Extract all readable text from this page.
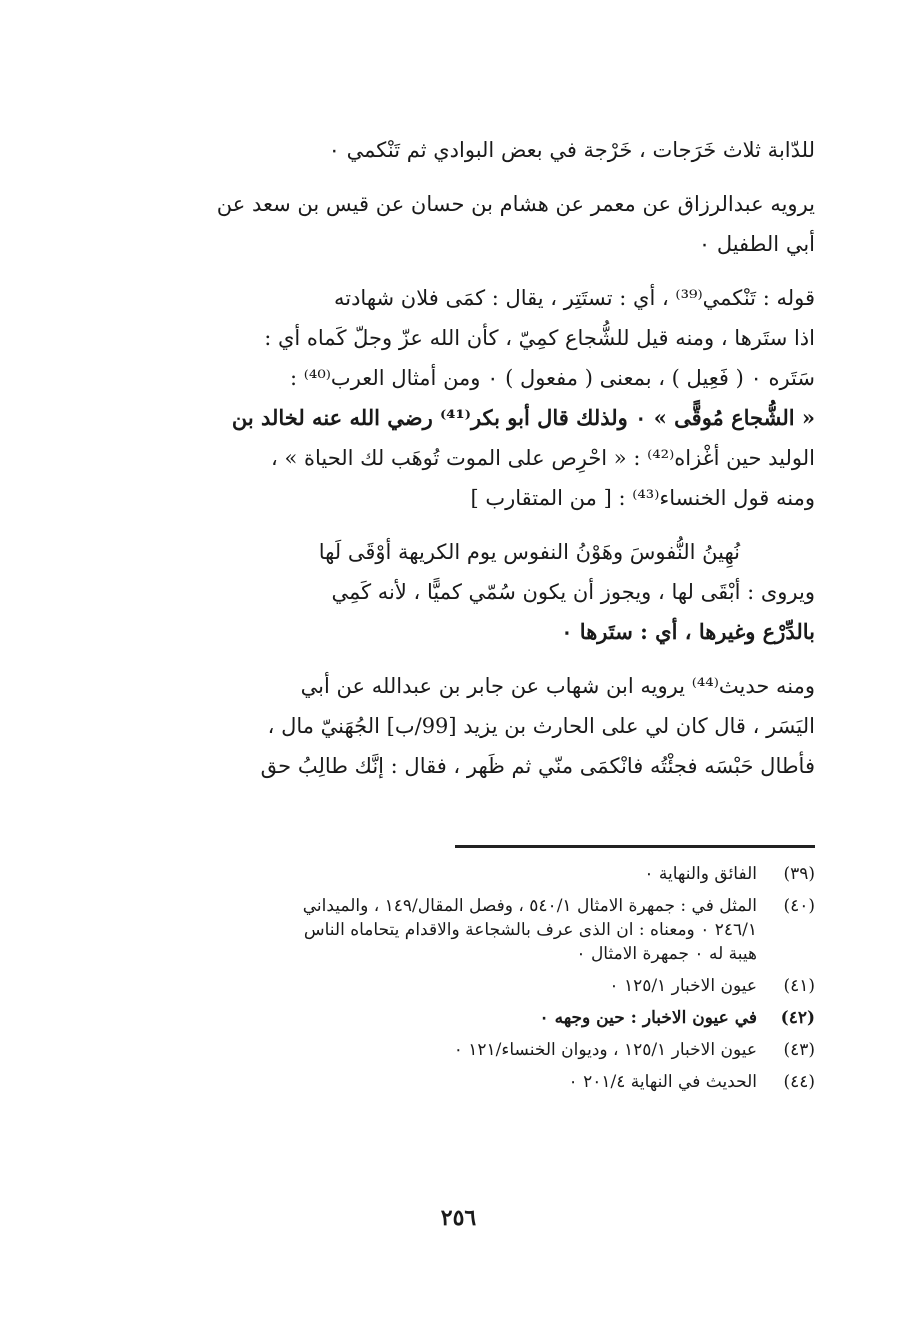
للدّابة ثلاث خَرَجات ، خَرْجة في بعض البوادي ثم تَنْكمي ٠

يرويه عبدالرزاق عن معمر عن هشام بن حسان عن قيس بن سعد عن
أبي الطفيل ٠

قوله : تَنْكمي⁽³⁹⁾ ، أي : تستَتِر ، يقال : كمَى فلان شهادته
اذا ستَرها ، ومنه قيل للشُّجاع كمِيّ ، كأن الله عزّ وجلّ كَماه أي :
سَتَره ٠ ( فَعِيل ) ، بمعنى ( مفعول ) ٠ ومن أمثال العرب⁽⁴⁰⁾ :
« الشُّجاع مُوقًّى » ٠ ولذلك قال أبو بكر⁽⁴¹⁾ رضي الله عنه لخالد بن
الوليد حين أغْزاه⁽⁴²⁾ : « احْرِص على الموت تُوهَب لك الحياة » ،
ومنه قول الخنساء⁽⁴³⁾ : [ من المتقارب ]

نُهِينُ النُّفوسَ وهَوْنُ النفوس يوم الكريهة أوْقَى لَها

ويروى : أبْقَى لها ، ويجوز أن يكون سُمّي كميًّا ، لأنه كَمِي
بالدِّرْع وغيرها ، أي : ستَرها ٠

ومنه حديث⁽⁴⁴⁾ يرويه ابن شهاب عن جابر بن عبدالله عن أبي
اليَسَر ، قال كان لي على الحارث بن يزيد [99/ب] الجُهَنيّ مال ،
فأطال حَبْسَه فجئْتُه فانْكمَى منّي ثم ظَهر ، فقال : إنَّك طالِبُ حق

(٣٩)
الفائق والنهاية ٠
(٤٠)
المثل في : جمهرة الامثال ٥٤٠/١ ، وفصل المقال/١٤٩ ، والميداني
٢٤٦/١ ٠ ومعناه : ان الذى عرف بالشجاعة والاقدام يتحاماه الناس
هيبة له ٠ جمهرة الامثال ٠
(٤١)
عيون الاخبار ١٢٥/١ ٠
(٤٢)
في عيون الاخبار : حين وجهه ٠
(٤٣)
عيون الاخبار ١٢٥/١ ، وديوان الخنساء/١٢١ ٠
(٤٤)
الحديث في النهاية ٢٠١/٤ ٠
٢٥٦
